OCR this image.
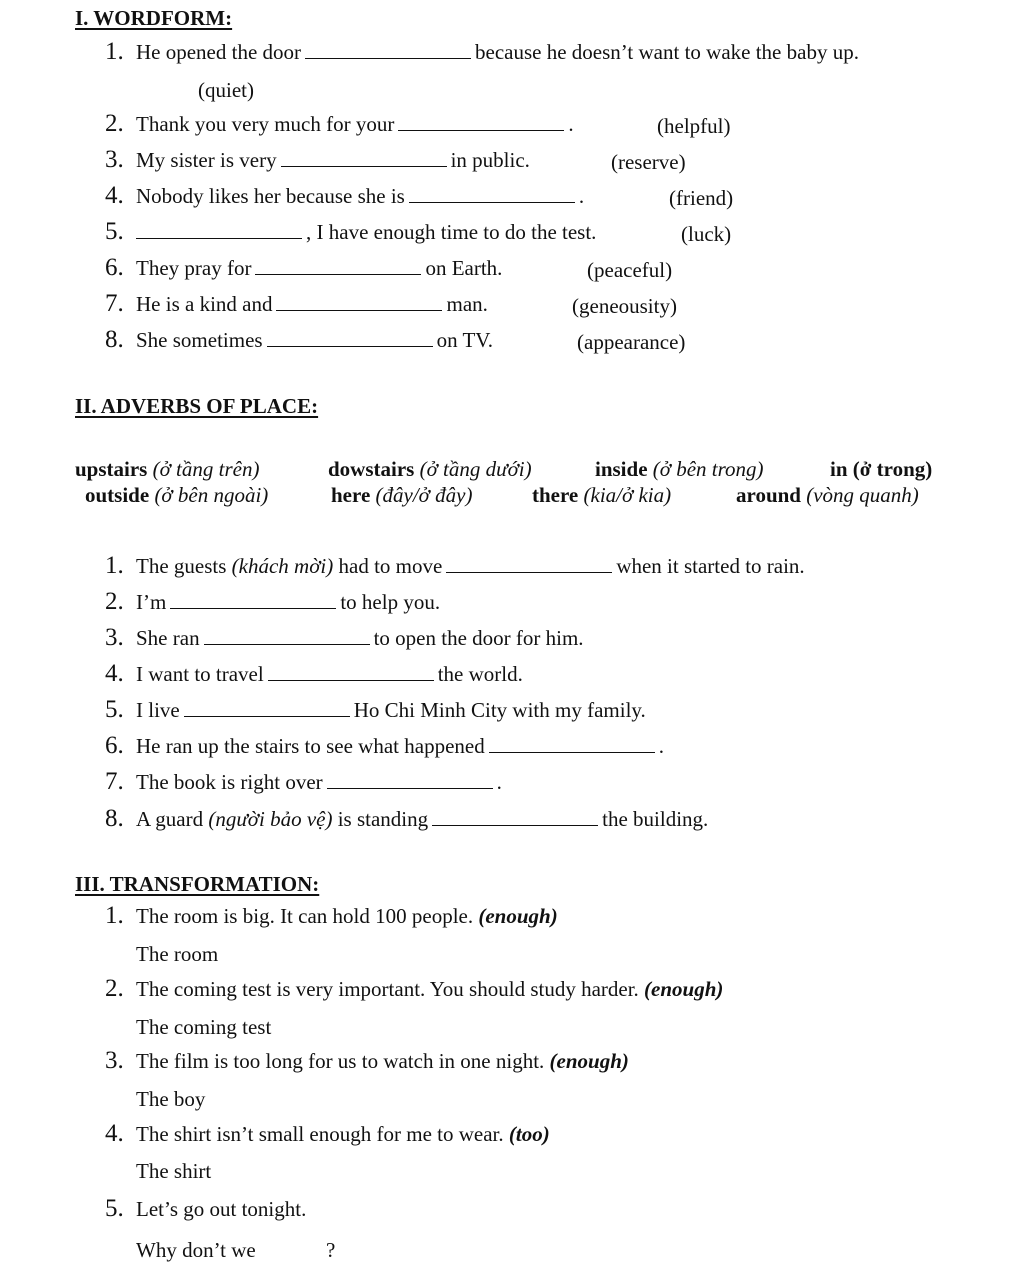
I. WORDFORM:
1. He opened the door	because he doesn’t want to wake the baby up.
(quiet)
2. Thank you very much for your	.	(helpful)
3. My sister is very	in public.	(reserve)
4. Nobody likes her because she is	.	(friend)
5.	, I have enough time to do the test.	(luck)
6. They pray for	on Earth.	(peaceful)
7. He is a kind and	man.	(geneousity)
8. She sometimes	on TV.	(appearance)
II. ADVERBS OF PLACE:
upstairs (ở tầng trên)	dowstairs (ở tầng dưới)	inside (ở bên trong)	in (ở trong)
outside (ở bên ngoài)	here (đây/ở đây)	there (kia/ở kia)	around (vòng quanh)
1. The guests (khách mời) had to move	when it started to rain.
2. I’m	to help you.
3. She ran	to open the door for him.
4. I want to travel	the world.
5. I live	Ho Chi Minh City with my family.
6. He ran up the stairs to see what happened	.
7. The book is right over	.
8. A guard (người bảo vệ) is standing	the building.
III. TRANSFORMATION:
1. The room is big. It can hold 100 people. (enough)
The room
2. The coming test is very important. You should study harder. (enough)
The coming test
3. The film is too long for us to watch in one night. (enough)
The boy
4. The shirt isn’t small enough for me to wear. (too)
The shirt
5. Let’s go out tonight.
Why don’t we	?
